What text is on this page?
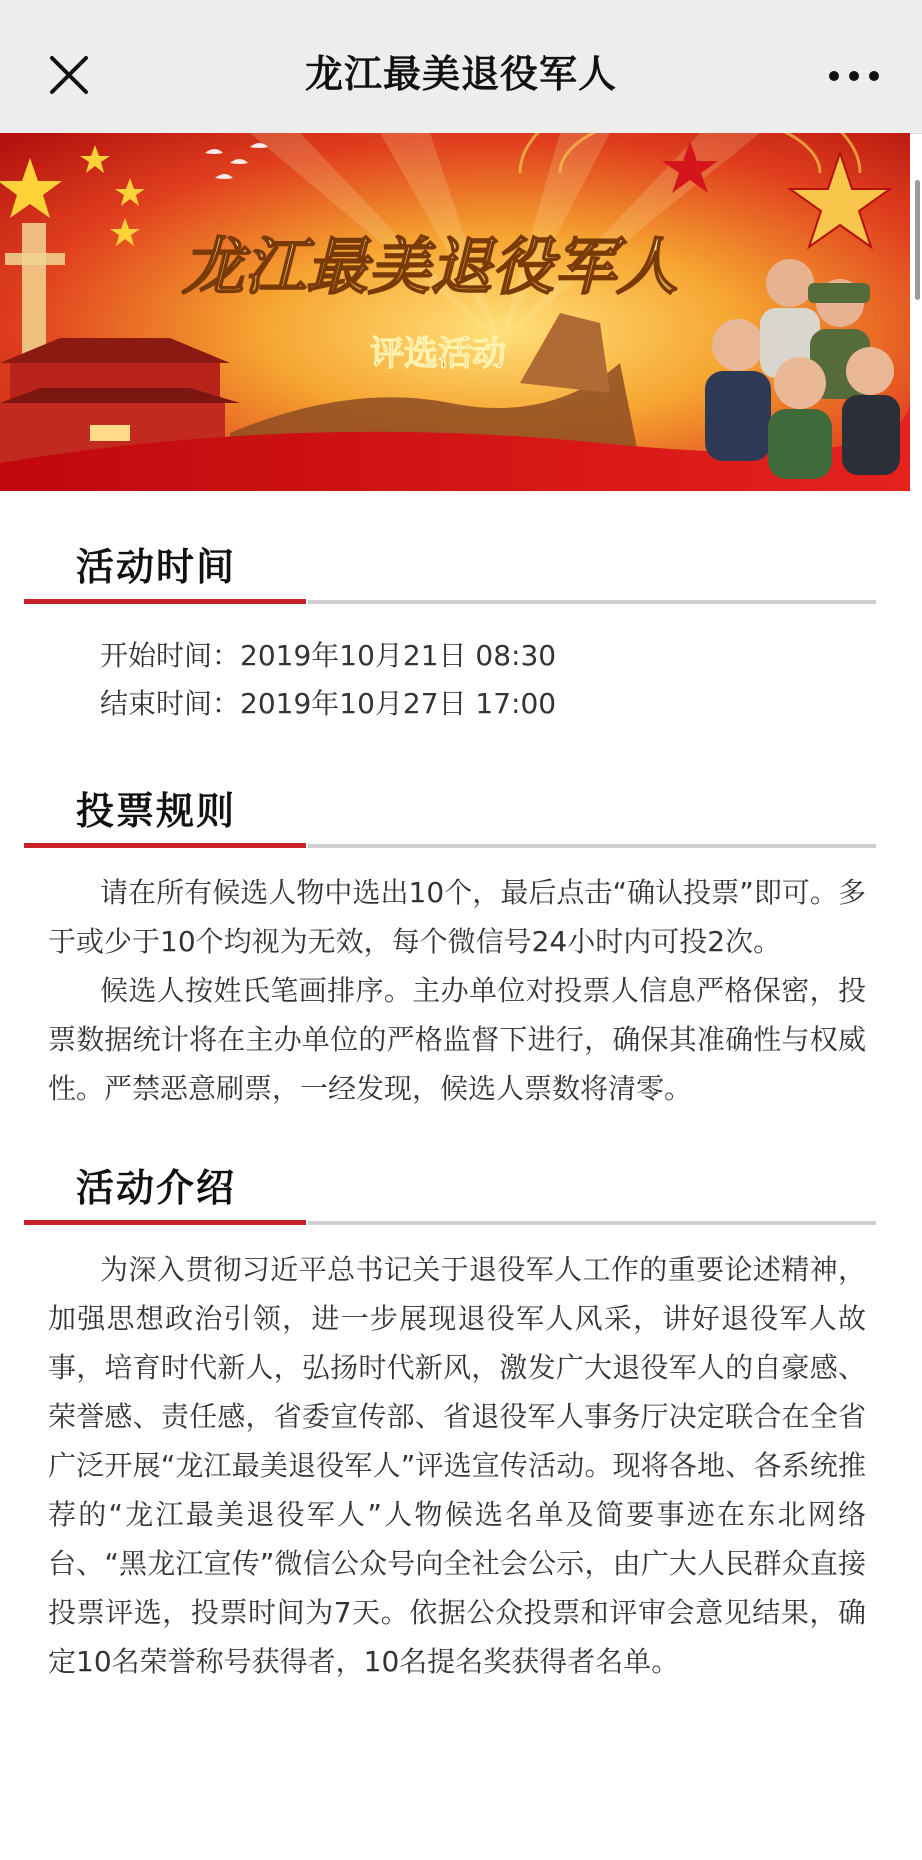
龙江最美退役军人
龙江最美退役军人
评选活动
活动时间
开始时间：2019年10月21日 08:30
结束时间：2019年10月27日 17:00
投票规则

请在所有候选人物中选出10个，最后点击“确认投票”即可。多于或少于10个均视为无效，每个微信号24小时内可投2次。

候选人按姓氏笔画排序。主办单位对投票人信息严格保密，投票数据统计将在主办单位的严格监督下进行，确保其准确性与权威性。严禁恶意刷票，一经发现，候选人票数将清零。

活动介绍

为深入贯彻习近平总书记关于退役军人工作的重要论述精神，加强思想政治引领，进一步展现退役军人风采，讲好退役军人故事，培育时代新人，弘扬时代新风，激发广大退役军人的自豪感、荣誉感、责任感，省委宣传部、省退役军人事务厅决定联合在全省广泛开展“龙江最美退役军人”评选宣传活动。现将各地、各系统推荐的“龙江最美退役军人”人物候选名单及简要事迹在东北网络台、“黑龙江宣传”微信公众号向全社会公示，由广大人民群众直接投票评选，投票时间为7天。依据公众投票和评审会意见结果，确定10名荣誉称号获得者，10名提名奖获得者名单。
